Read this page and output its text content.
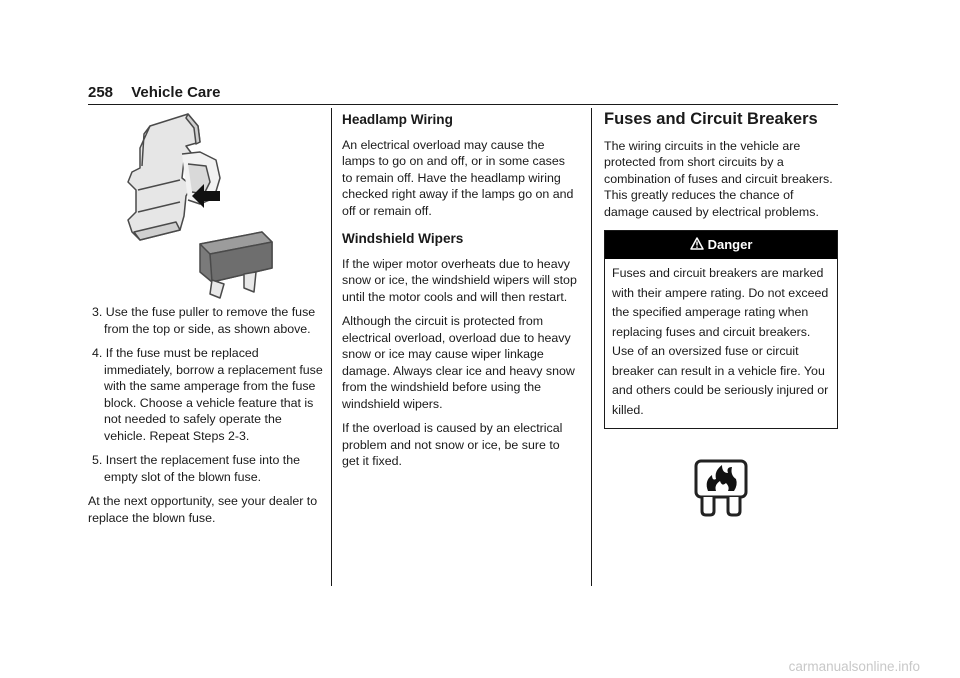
258 Vehicle Care
3. Use the fuse puller to remove the fuse from the top or side, as shown above.
4. If the fuse must be replaced immediately, borrow a replacement fuse with the same amperage from the fuse block. Choose a vehicle feature that is not needed to safely operate the vehicle. Repeat Steps 2-3.
5. Insert the replacement fuse into the empty slot of the blown fuse.

At the next opportunity, see your dealer to replace the blown fuse.

Headlamp Wiring

An electrical overload may cause the lamps to go on and off, or in some cases to remain off. Have the headlamp wiring checked right away if the lamps go on and off or remain off.

Windshield Wipers

If the wiper motor overheats due to heavy snow or ice, the windshield wipers will stop until the motor cools and will then restart.

Although the circuit is protected from electrical overload, overload due to heavy snow or ice may cause wiper linkage damage. Always clear ice and heavy snow from the windshield before using the windshield wipers.

If the overload is caused by an electrical problem and not snow or ice, be sure to get it fixed.

Fuses and Circuit Breakers

The wiring circuits in the vehicle are protected from short circuits by a combination of fuses and circuit breakers. This greatly reduces the chance of damage caused by electrical problems.

Danger
Fuses and circuit breakers are marked with their ampere rating. Do not exceed the specified amperage rating when replacing fuses and circuit breakers. Use of an oversized fuse or circuit breaker can result in a vehicle fire. You and others could be seriously injured or killed.
carmanualsonline.info
